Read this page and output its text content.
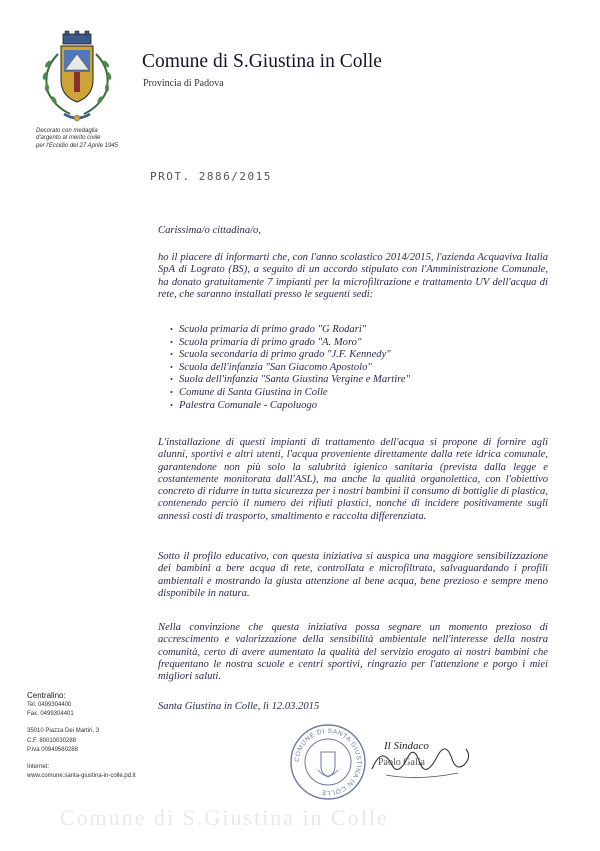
Decorato con medaglia
d'argento al merito civile
per l'Eccidio del 27 Aprile 1945
Comune di S.Giustina in Colle
Provincia di Padova
PROT. 2886/2015
Carissima/o cittadina/o,
ho il piacere di informarti che, con l'anno scolastico 2014/2015, l'azienda Acquaviva Italia SpA di Lograto (BS), a seguito di un accordo stipulato con l'Amministrazione Comunale, ha donato gratuitamente 7 impianti per la microfiltrazione e trattamento UV dell'acqua di rete, che saranno installati presso le seguenti sedi:
• Scuola primaria di primo grado "G Rodari"
• Scuola primaria di primo grado "A. Moro"
• Scuola secondaria di primo grado "J.F. Kennedy"
• Scuola dell'infanzia "San Giacomo Apostolo"
• Suola dell'infanzia "Santa Giustina Vergine e Martire"
• Comune di Santa Giustina in Colle
• Palestra Comunale - Capoluogo
L'installazione di questi impianti di trattamento dell'acqua si propone di fornire agli alunni, sportivi e altri utenti, l'acqua proveniente direttamente dalla rete idrica comunale, garantendone non più solo la salubrità igienico sanitaria (prevista dalla legge e costantemente monitorata dall'ASL), ma anche la qualità organolettica, con l'obiettivo concreto di ridurre in tutta sicurezza per i nostri bambini il consumo di bottiglie di plastica, contenendo perciò il numero dei rifiuti plastici, nonché di incidere positivamente sugli annessi costi di trasporto, smaltimento e raccolta differenziata.
Sotto il profilo educativo, con questa iniziativa si auspica una maggiore sensibilizzazione dei bambini a bere acqua di rete, controllata e microfiltrata, salvaguardando i profili ambientali e mostrando la giusta attenzione al bene acqua, bene prezioso e sempre meno disponibile in natura.
Nella convinzione che questa iniziativa possa segnare un momento prezioso di accrescimento e valorizzazione della sensibilità ambientale nell'interesse della nostra comunità, certo di avere aumentato la qualità del servizio erogato ai nostri bambini che frequentano le nostra scuole e centri sportivi, ringrazio per l'attenzione e porgo i miei migliori saluti.
Santa Giustina in Colle, lì 12.03.2015
Centralino:
Tel. 0499304400
Fax. 0499304401
35010 Piazza Dei Martiri, 3
C.F. 80010030288
P.iva 00949560288
Internet:
www.comune.santa-giustina-in-colle.pd.it
COMUNE DI SANTA GIUSTINA IN COLLE
Il Sindaco
Paolo Galla
Comune di S.Giustina in Colle
